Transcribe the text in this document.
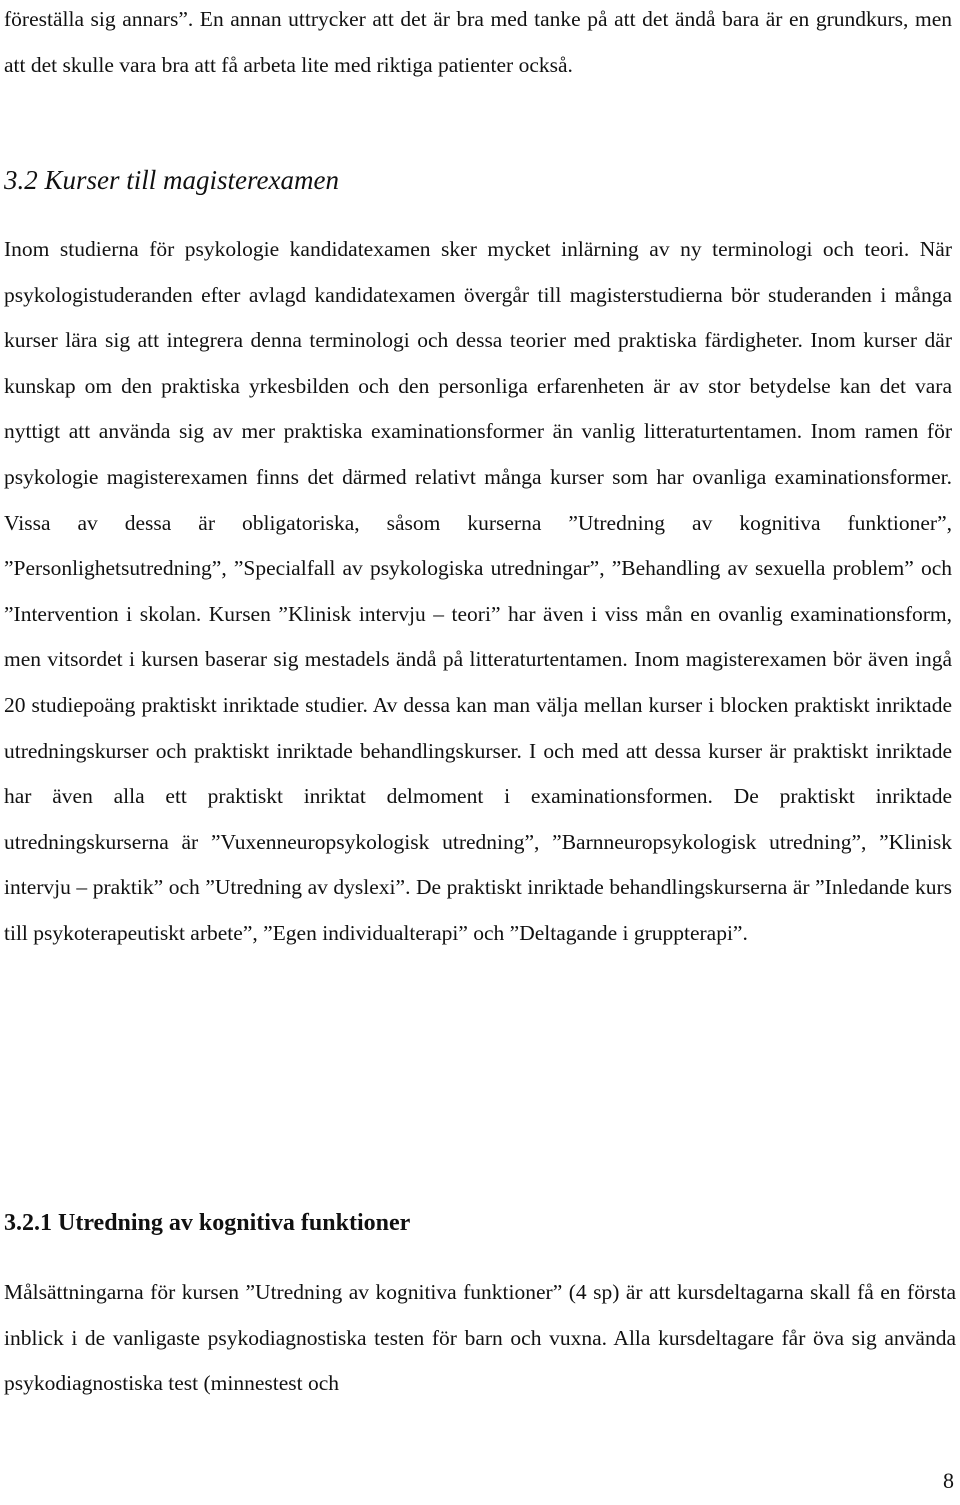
föreställa sig annars”. En annan uttrycker att det är bra med tanke på att det ändå bara är en grundkurs, men att det skulle vara bra att få arbeta lite med riktiga patienter också.

3.2 Kurser till magisterexamen

Inom studierna för psykologie kandidatexamen sker mycket inlärning av ny terminologi och teori. När psykologistuderanden efter avlagd kandidatexamen övergår till magisterstudierna bör studeranden i många kurser lära sig att integrera denna terminologi och dessa teorier med praktiska färdigheter. Inom kurser där kunskap om den praktiska yrkesbilden och den personliga erfarenheten är av stor betydelse kan det vara nyttigt att använda sig av mer praktiska examinationsformer än vanlig litteraturtentamen. Inom ramen för psykologie magisterexamen finns det därmed relativt många kurser som har ovanliga examinationsformer. Vissa av dessa är obligatoriska, såsom kurserna ”Utredning av kognitiva funktioner”, ”Personlighetsutredning”, ”Specialfall av psykologiska utredningar”, ”Behandling av sexuella problem” och ”Intervention i skolan. Kursen ”Klinisk intervju – teori” har även i viss mån en ovanlig examinationsform, men vitsordet i kursen baserar sig mestadels ändå på litteraturtentamen. Inom magisterexamen bör även ingå 20 studiepoäng praktiskt inriktade studier. Av dessa kan man välja mellan kurser i blocken praktiskt inriktade utredningskurser och praktiskt inriktade behandlingskurser. I och med att dessa kurser är praktiskt inriktade har även alla ett praktiskt inriktat delmoment i examinationsformen. De praktiskt inriktade utredningskurserna är ”Vuxenneuropsykologisk utredning”, ”Barnneuropsykologisk utredning”, ”Klinisk intervju – praktik” och ”Utredning av dyslexi”. De praktiskt inriktade behandlingskurserna är ”Inledande kurs till psykoterapeutiskt arbete”, ”Egen individualterapi” och ”Deltagande i gruppterapi”.

3.2.1 Utredning av kognitiva funktioner

Målsättningarna för kursen ”Utredning av kognitiva funktioner” (4 sp) är att kursdeltagarna skall få en första inblick i de vanligaste psykodiagnostiska testen för barn och vuxna. Alla kursdeltagare får öva sig använda psykodiagnostiska test (minnestest och

8
